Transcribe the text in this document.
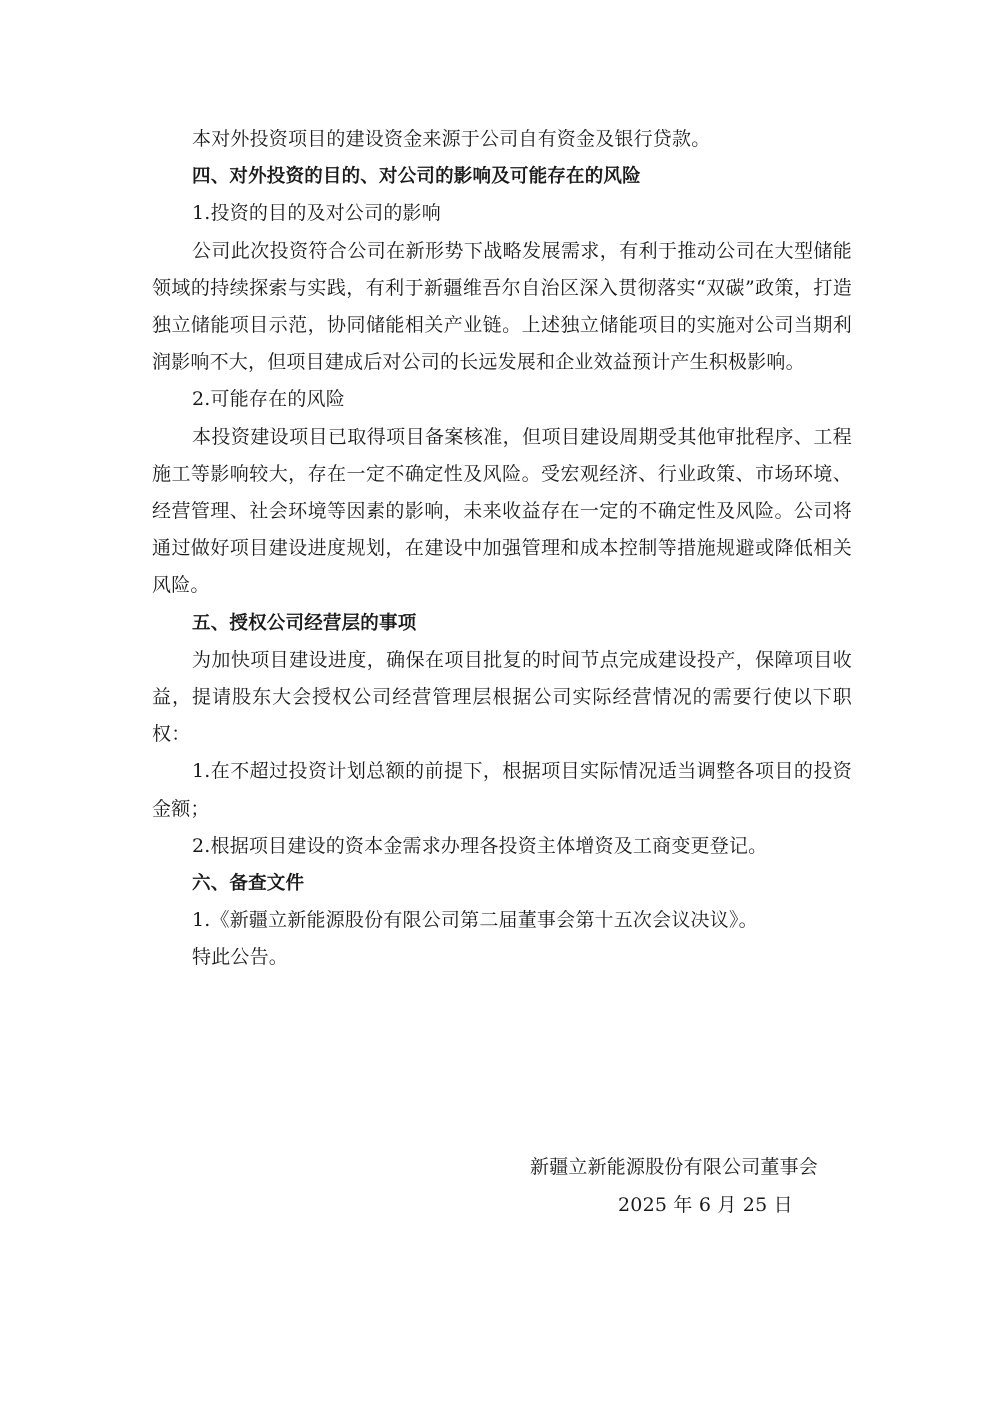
本对外投资项目的建设资金来源于公司自有资金及银行贷款。

四、对外投资的目的、对公司的影响及可能存在的风险

1.投资的目的及对公司的影响

公司此次投资符合公司在新形势下战略发展需求，有利于推动公司在大型储能领域的持续探索与实践，有利于新疆维吾尔自治区深入贯彻落实“双碳”政策，打造独立储能项目示范，协同储能相关产业链。上述独立储能项目的实施对公司当期利润影响不大，但项目建成后对公司的长远发展和企业效益预计产生积极影响。

2.可能存在的风险

本投资建设项目已取得项目备案核准，但项目建设周期受其他审批程序、工程施工等影响较大，存在一定不确定性及风险。受宏观经济、行业政策、市场环境、经营管理、社会环境等因素的影响，未来收益存在一定的不确定性及风险。公司将通过做好项目建设进度规划，在建设中加强管理和成本控制等措施规避或降低相关风险。

五、授权公司经营层的事项

为加快项目建设进度，确保在项目批复的时间节点完成建设投产，保障项目收益，提请股东大会授权公司经营管理层根据公司实际经营情况的需要行使以下职权：

1.在不超过投资计划总额的前提下，根据项目实际情况适当调整各项目的投资金额；

2.根据项目建设的资本金需求办理各投资主体增资及工商变更登记。

六、备查文件

1.《新疆立新能源股份有限公司第二届董事会第十五次会议决议》。

特此公告。

新疆立新能源股份有限公司董事会

2025 年 6 月 25 日
